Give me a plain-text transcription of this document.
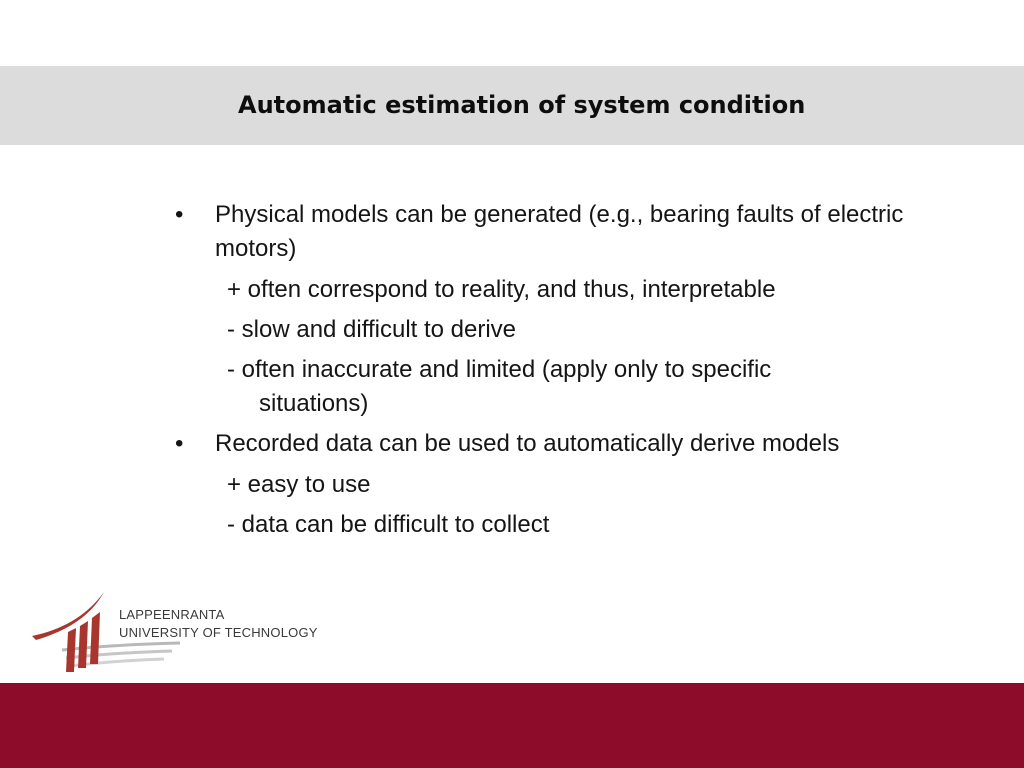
Automatic estimation of system condition

• Physical models can be generated (e.g., bearing faults of electric motors)

+ often correspond to reality, and thus, interpretable
- slow and difficult to derive
- often inaccurate and limited (apply only to specific
situations)

• Recorded data can be used to automatically derive models

+ easy to use
- data can be difficult to collect
LAPPEENRANTA
UNIVERSITY OF TECHNOLOGY
